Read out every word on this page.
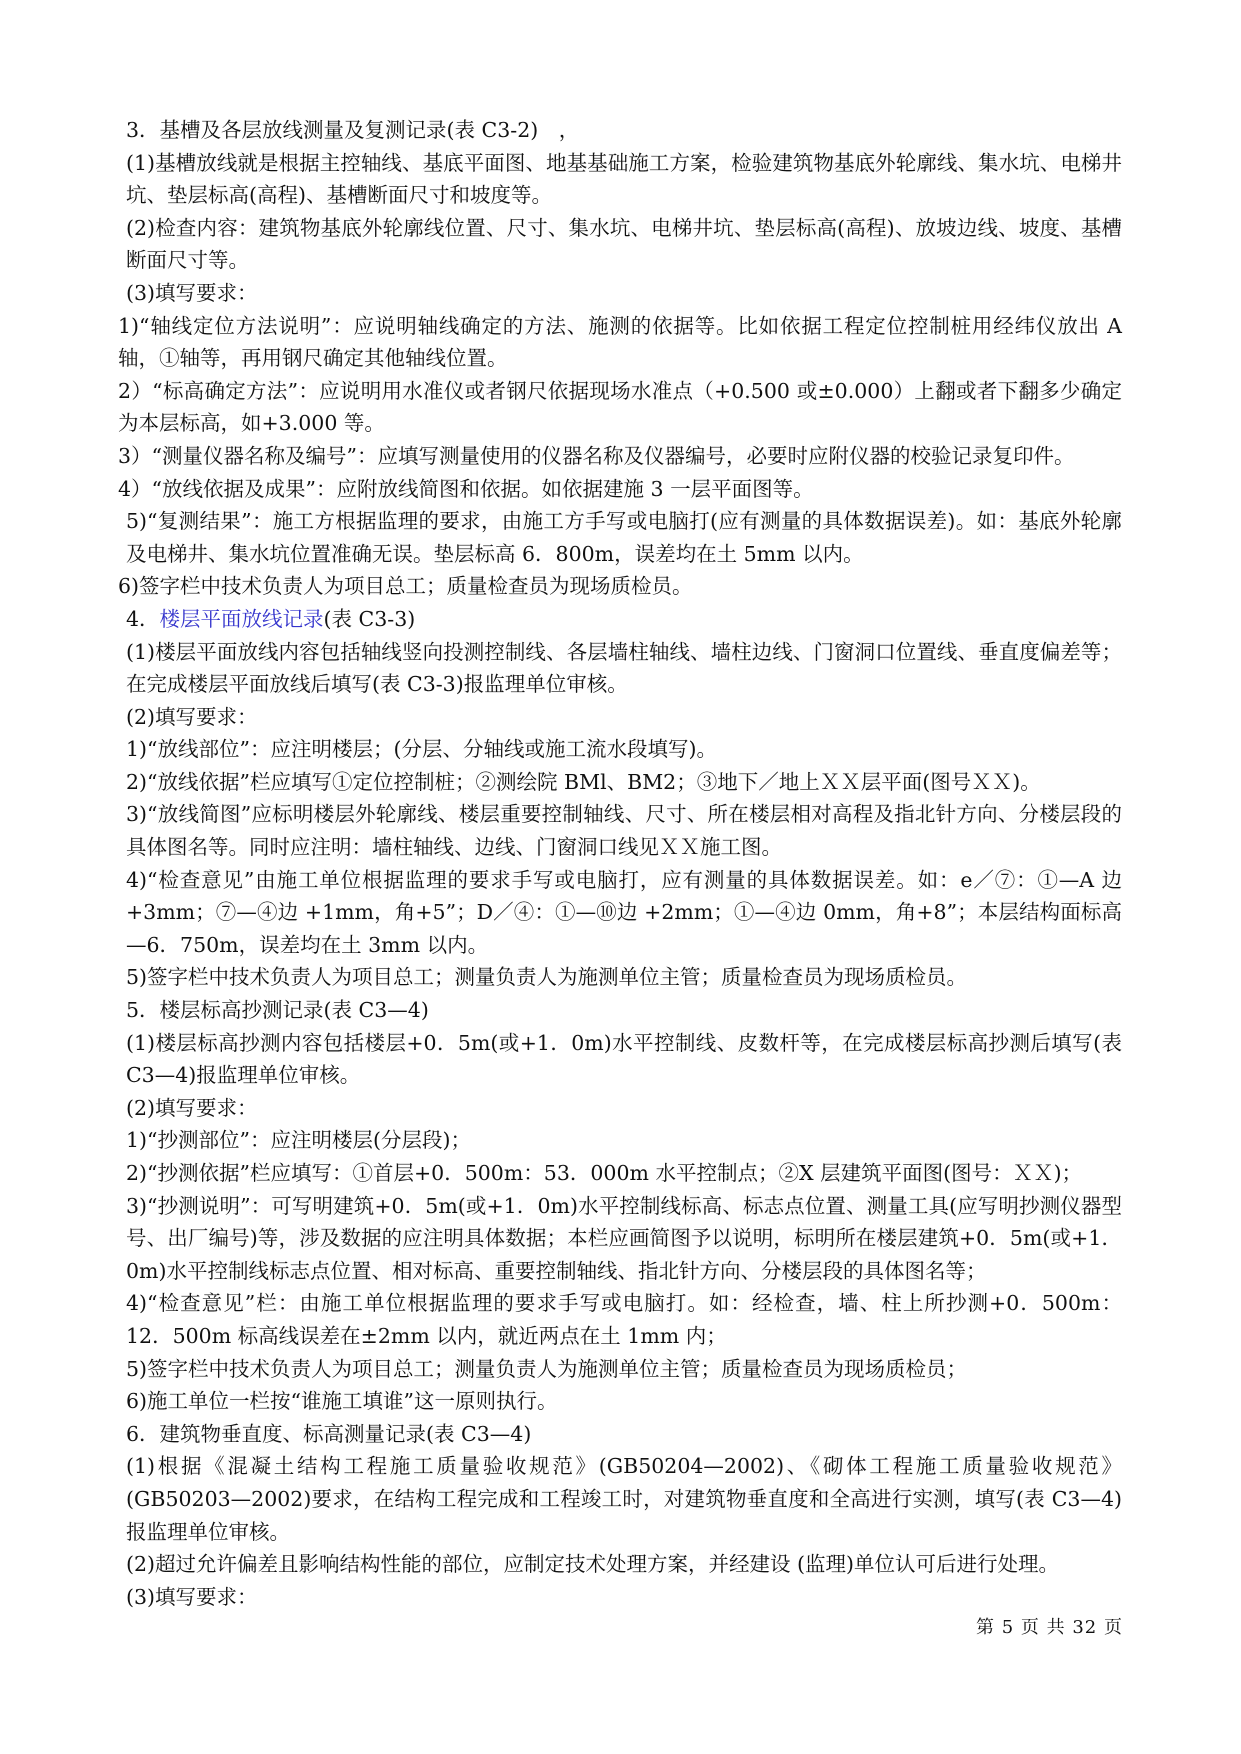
3．基槽及各层放线测量及复测记录(表 C3-2)　，

(1)基槽放线就是根据主控轴线、基底平面图、地基基础施工方案，检验建筑物基底外轮廓线、集水坑、电梯井坑、垫层标高(高程)、基槽断面尺寸和坡度等。

(2)检查内容：建筑物基底外轮廓线位置、尺寸、集水坑、电梯井坑、垫层标高(高程)、放坡边线、坡度、基槽断面尺寸等。

(3)填写要求：

1)“轴线定位方法说明”：应说明轴线确定的方法、施测的依据等。比如依据工程定位控制桩用经纬仪放出 A 轴，①轴等，再用钢尺确定其他轴线位置。

2）“标高确定方法”：应说明用水准仪或者钢尺依据现场水准点（+0.500 或±0.000）上翻或者下翻多少确定为本层标高，如+3.000 等。

3）“测量仪器名称及编号”：应填写测量使用的仪器名称及仪器编号，必要时应附仪器的校验记录复印件。

4）“放线依据及成果”：应附放线简图和依据。如依据建施 3 一层平面图等。

5)“复测结果”：施工方根据监理的要求，由施工方手写或电脑打(应有测量的具体数据误差)。如：基底外轮廓及电梯井、集水坑位置准确无误。垫层标高 6．800m，误差均在土 5mm 以内。

6)签字栏中技术负责人为项目总工；质量检查员为现场质检员。

4．楼层平面放线记录(表 C3-3)

(1)楼层平面放线内容包括轴线竖向投测控制线、各层墙柱轴线、墙柱边线、门窗洞口位置线、垂直度偏差等；在完成楼层平面放线后填写(表 C3-3)报监理单位审核。

(2)填写要求：

1)“放线部位”：应注明楼层；(分层、分轴线或施工流水段填写)。

2)“放线依据”栏应填写①定位控制桩；②测绘院 BMl、BM2；③地下／地上ＸＸ层平面(图号ＸＸ)。

3)“放线简图”应标明楼层外轮廓线、楼层重要控制轴线、尺寸、所在楼层相对高程及指北针方向、分楼层段的具体图名等。同时应注明：墙柱轴线、边线、门窗洞口线见ＸＸ施工图。

4)“检查意见”由施工单位根据监理的要求手写或电脑打，应有测量的具体数据误差。如：e／⑦：①—A 边 +3mm；⑦—④边 +1mm，角+5”；D／④：①—⑩边 +2mm；①—④边 0mm，角+8”；本层结构面标高—6．750m，误差均在土 3mm 以内。

5)签字栏中技术负责人为项目总工；测量负责人为施测单位主管；质量检查员为现场质检员。

5．楼层标高抄测记录(表 C3—4)

(1)楼层标高抄测内容包括楼层+0．5m(或+1．0m)水平控制线、皮数杆等，在完成楼层标高抄测后填写(表 C3—4)报监理单位审核。

(2)填写要求：

1)“抄测部位”：应注明楼层(分层段)；

2)“抄测依据”栏应填写：①首层+0．500m：53．000m 水平控制点；②X 层建筑平面图(图号：ＸＸ)；

3)“抄测说明”：可写明建筑+0．5m(或+1．0m)水平控制线标高、标志点位置、测量工具(应写明抄测仪器型号、出厂编号)等，涉及数据的应注明具体数据；本栏应画简图予以说明，标明所在楼层建筑+0．5m(或+1．0m)水平控制线标志点位置、相对标高、重要控制轴线、指北针方向、分楼层段的具体图名等；

4)“检查意见”栏：由施工单位根据监理的要求手写或电脑打。如：经检查，墙、柱上所抄测+0．500m：12．500m 标高线误差在±2mm 以内，就近两点在土 1mm 内；

5)签字栏中技术负责人为项目总工；测量负责人为施测单位主管；质量检查员为现场质检员；

6)施工单位一栏按“谁施工填谁”这一原则执行。

6．建筑物垂直度、标高测量记录(表 C3—4)

(1)根据《混凝土结构工程施工质量验收规范》(GB50204—2002)、《砌体工程施工质量验收规范》(GB50203—2002)要求，在结构工程完成和工程竣工时，对建筑物垂直度和全高进行实测，填写(表 C3—4)报监理单位审核。

(2)超过允许偏差且影响结构性能的部位，应制定技术处理方案，并经建设 (监理)单位认可后进行处理。

(3)填写要求：

第 5 页 共 32 页
